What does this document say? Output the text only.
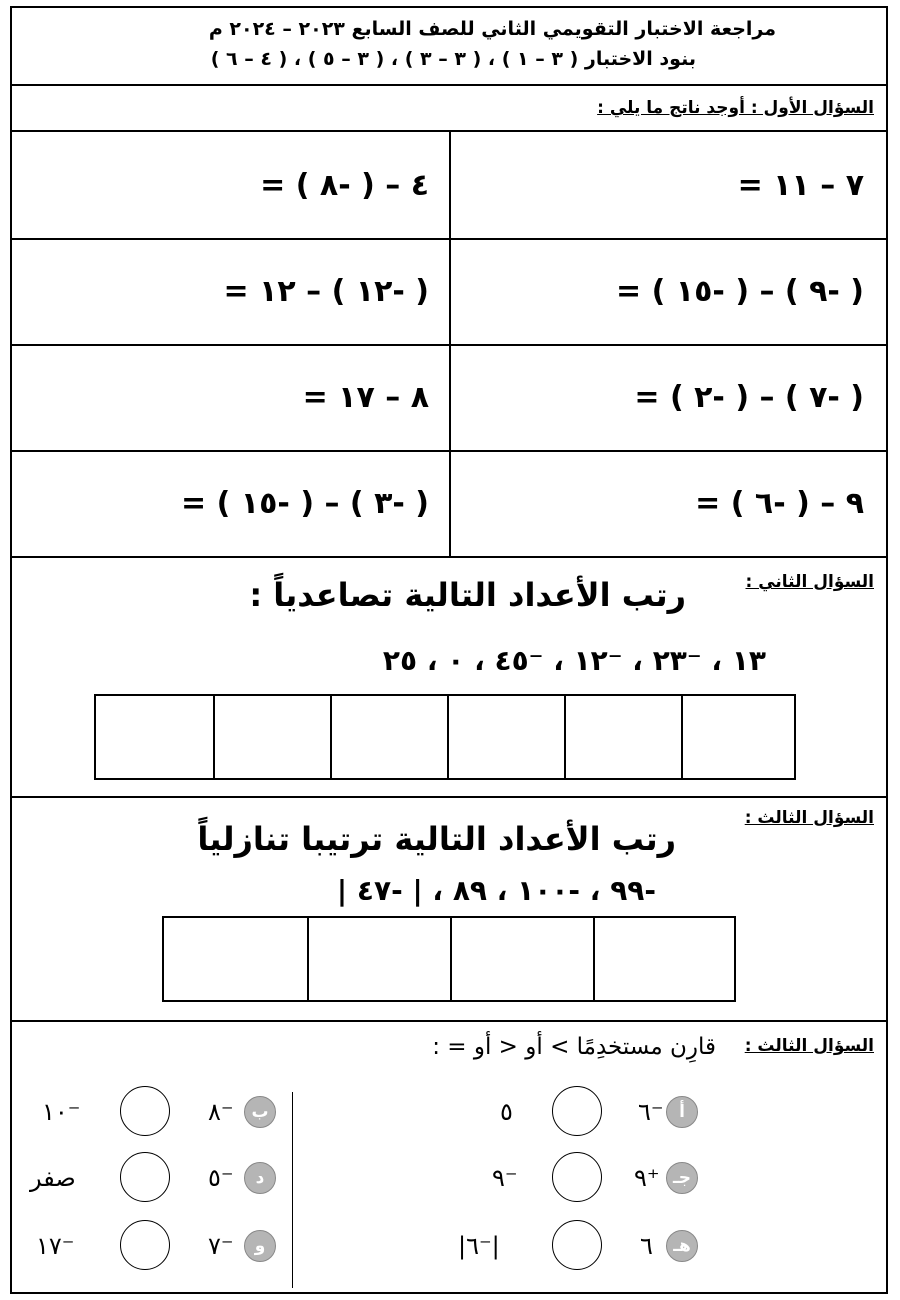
مراجعة الاختبار التقويمي الثاني للصف السابع ٢٠٢٣ – ٢٠٢٤ م
بنود الاختبار ( ٣ – ١ ) ، ( ٣ – ٣ ) ، ( ٣ – ٥ ) ، ( ٤ – ٦ )
السؤال الأول : أوجد ناتج ما يلي :
٧ – ١١ =
٤ – ( -٨ ) =
( -٩ ) – ( -١٥ ) =
( -١٢ ) – ١٢ =
( -٧ ) – ( -٢ ) =
٨ – ١٧ =
٩ – ( -٦ ) =
( -٣ ) – ( -١٥ ) =
السؤال الثاني :
رتب الأعداد التالية تصاعدياً :
١٣ ، ⁻٢٣ ، ⁻١٢ ، ⁻٤٥ ، ٠ ، ٢٥
السؤال الثالث :
رتب الأعداد التالية ترتيبا تنازلياً
-٩٩ ، -١٠٠ ، ٨٩ ، | -٤٧ |
السؤال الثالث :
قارِن مستخدِمًا > أو < أو = :
أ
٦⁻
٥
جـ
٩⁺
٩⁻
هـ
٦
|٦⁻|
ب
٨⁻
١٠⁻
د
٥⁻
صفر
و
٧⁻
١٧⁻
